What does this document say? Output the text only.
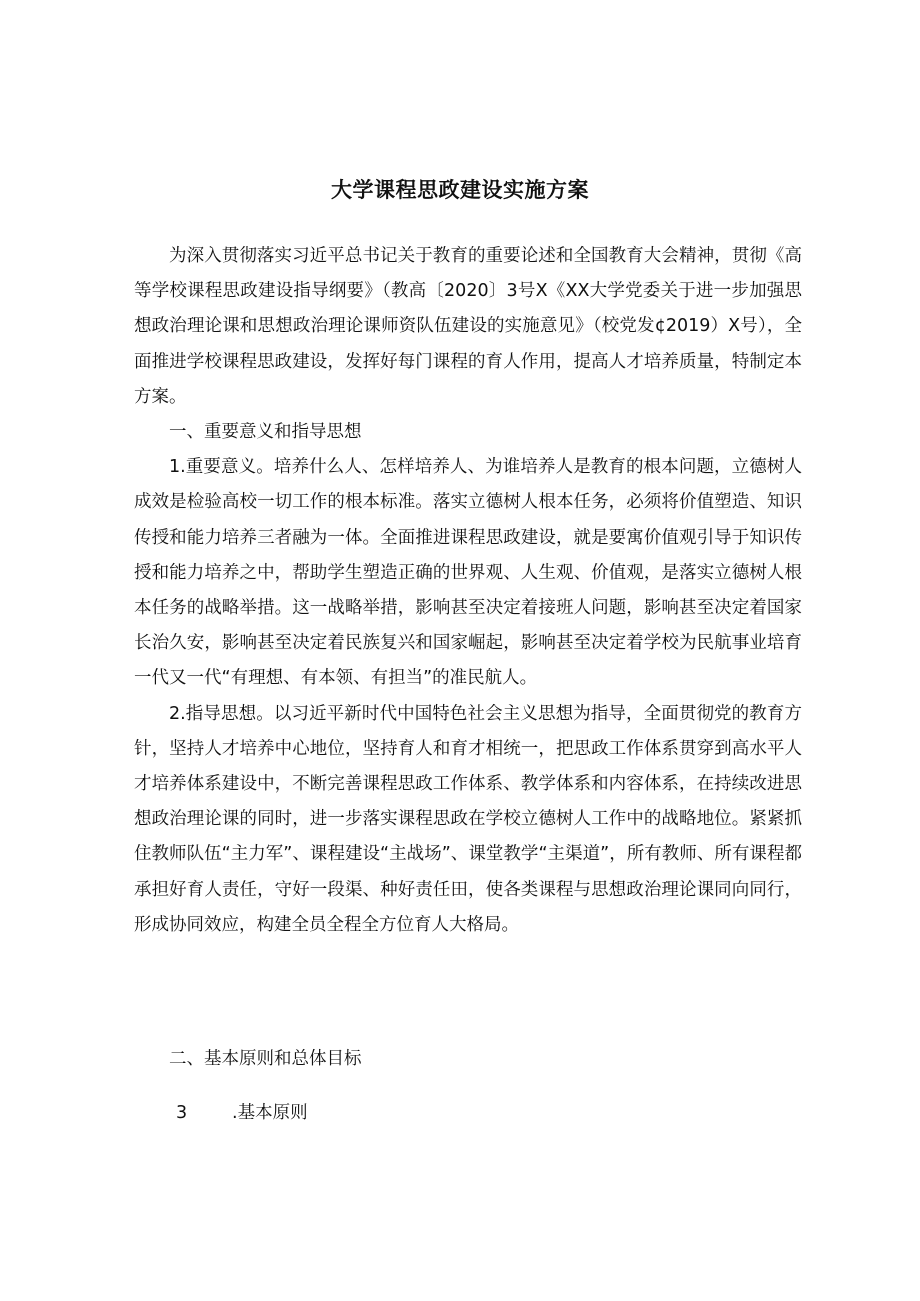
大学课程思政建设实施方案

为深入贯彻落实习近平总书记关于教育的重要论述和全国教育大会精神，贯彻《高等学校课程思政建设指导纲要》（教高〔2020〕3号X《XX大学党委关于进一步加强思想政治理论课和思想政治理论课师资队伍建设的实施意见》（校党发¢2019）X号），全面推进学校课程思政建设，发挥好每门课程的育人作用，提高人才培养质量，特制定本方案。

一、重要意义和指导思想

1.重要意义。培养什么人、怎样培养人、为谁培养人是教育的根本问题，立德树人成效是检验高校一切工作的根本标准。落实立德树人根本任务，必须将价值塑造、知识传授和能力培养三者融为一体。全面推进课程思政建设，就是要寓价值观引导于知识传授和能力培养之中，帮助学生塑造正确的世界观、人生观、价值观，是落实立德树人根本任务的战略举措。这一战略举措，影响甚至决定着接班人问题，影响甚至决定着国家长治久安，影响甚至决定着民族复兴和国家崛起，影响甚至决定着学校为民航事业培育一代又一代“有理想、有本领、有担当”的准民航人。

2.指导思想。以习近平新时代中国特色社会主义思想为指导，全面贯彻党的教育方针，坚持人才培养中心地位，坚持育人和育才相统一，把思政工作体系贯穿到高水平人才培养体系建设中，不断完善课程思政工作体系、教学体系和内容体系，在持续改进思想政治理论课的同时，进一步落实课程思政在学校立德树人工作中的战略地位。紧紧抓住教师队伍“主力军”、课程建设“主战场”、课堂教学“主渠道”，所有教师、所有课程都承担好育人责任，守好一段渠、种好责任田，使各类课程与思想政治理论课同向同行，形成协同效应，构建全员全程全方位育人大格局。

二、基本原则和总体目标

3	.基本原则
